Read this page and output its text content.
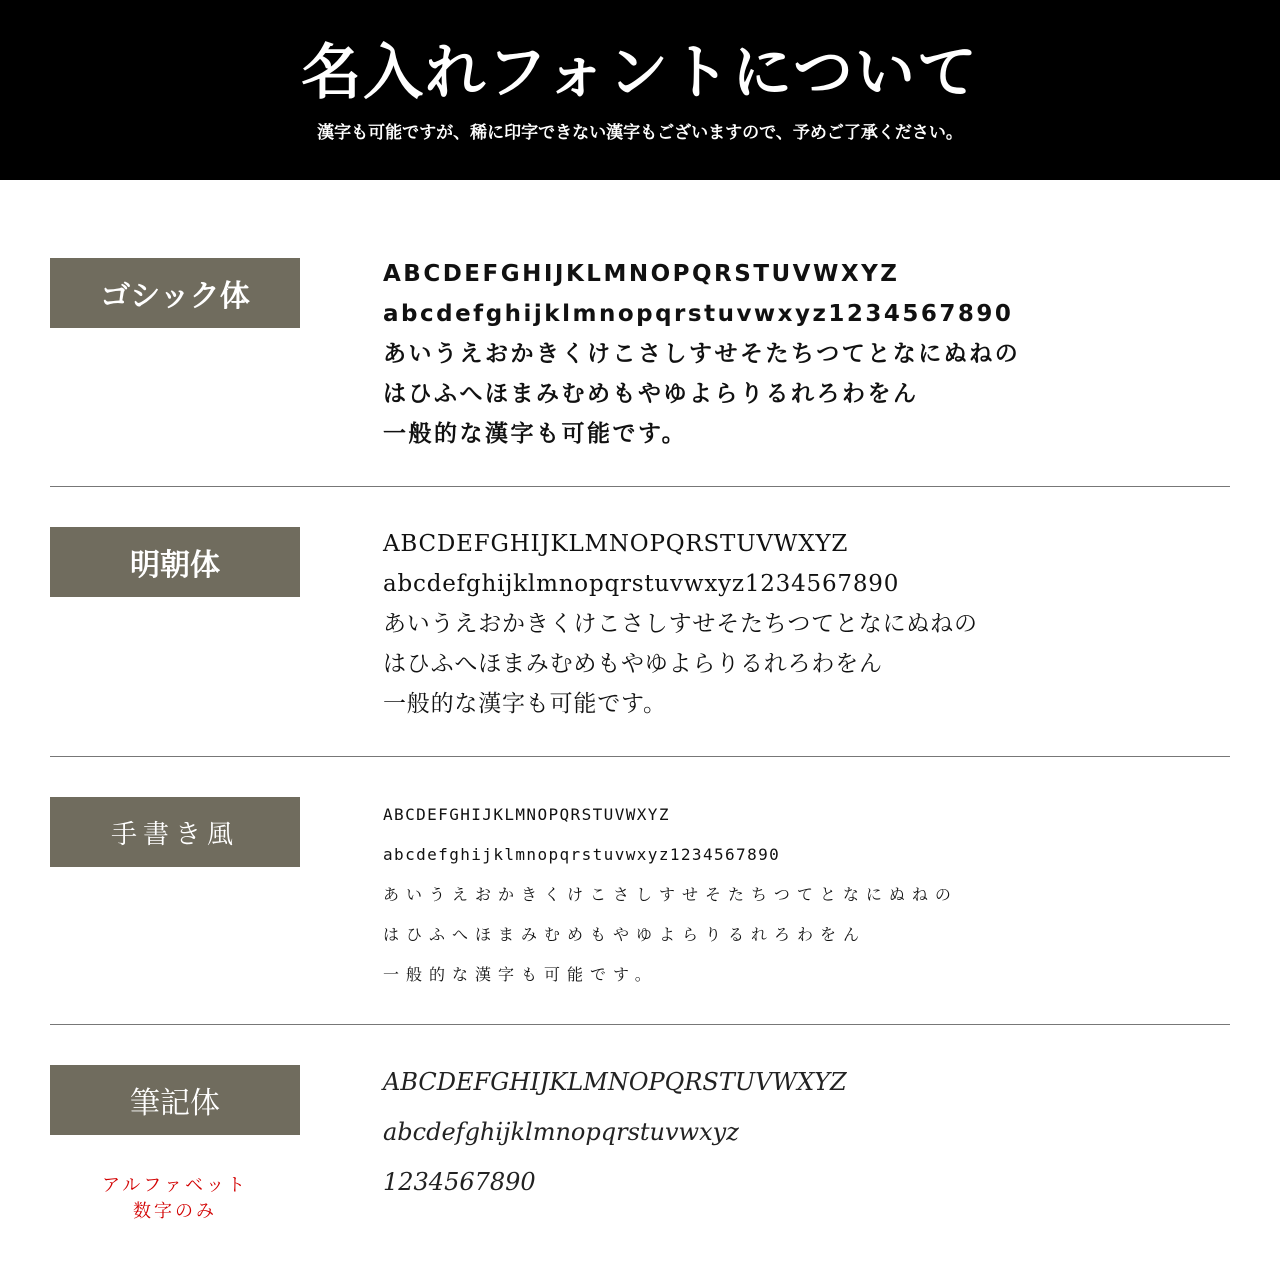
名入れフォントについて
漢字も可能ですが、稀に印字できない漢字もございますので、予めご了承ください。
ゴシック体
ABCDEFGHIJKLMNOPQRSTUVWXYZ
abcdefghijklmnopqrstuvwxyz1234567890
あいうえおかきくけこさしすせそたちつてとなにぬねの
はひふへほまみむめもやゆよらりるれろわをん
一般的な漢字も可能です。
明朝体
ABCDEFGHIJKLMNOPQRSTUVWXYZ
abcdefghijklmnopqrstuvwxyz1234567890
あいうえおかきくけこさしすせそたちつてとなにぬねの
はひふへほまみむめもやゆよらりるれろわをん
一般的な漢字も可能です。
手書き風
ABCDEFGHIJKLMNOPQRSTUVWXYZ
abcdefghijklmnopqrstuvwxyz1234567890
あいうえおかきくけこさしすせそたちつてとなにぬねの
はひふへほまみむめもやゆよらりるれろわをん
一般的な漢字も可能です。
筆記体
アルファベット
数字のみ
ABCDEFGHIJKLMNOPQRSTUVWXYZ
abcdefghijklmnopqrstuvwxyz
1234567890
